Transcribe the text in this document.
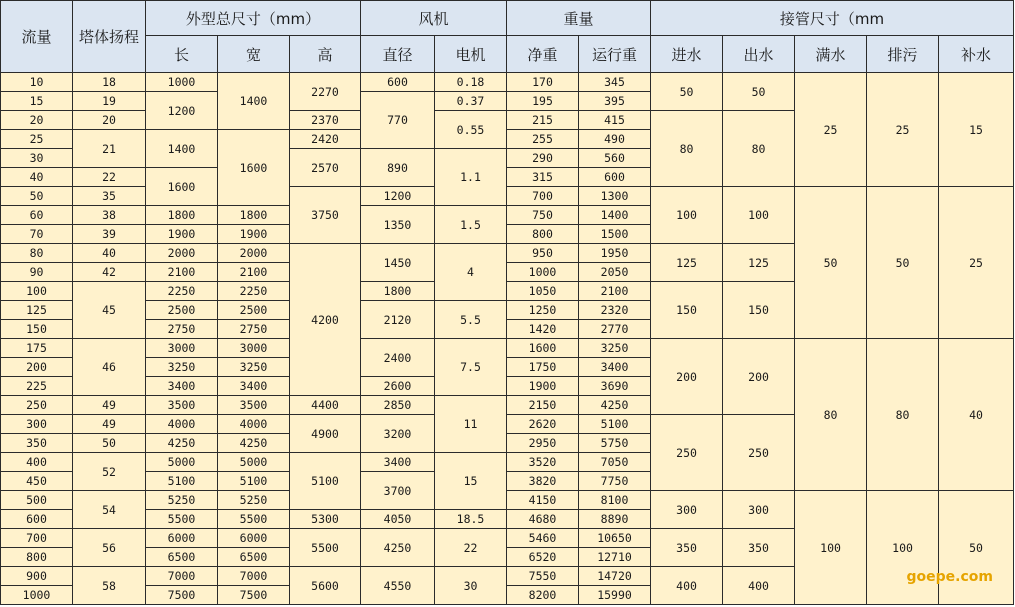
流量	塔体扬程	外型总尺寸（mm）			风机		重量		接管尺寸（mm				
		长	宽	高	直径	电机	净重	运行重	进水	出水	满水	排污	补水
10	18	1000	1400	2270	600	0.18	170	345	50	50	25	25	15
15	19	1200			770	0.37	195	395					
20	20			2370		0.55	215	415	80	80			
25	21	1400	1600	2420			255	490					
30				2570	890	1.1	290	560					
40	22	1600					315	600					
50	35			3750	1200		700	1300	100	100	50	50	25
60	38	1800	1800		1350	1.5	750	1400					
70	39	1900	1900				800	1500					
80	40	2000	2000	4200	1450	4	950	1950	125	125			
90	42	2100	2100				1000	2050					
100	45	2250	2250		1800		1050	2100	150	150			
125		2500	2500		2120	5.5	1250	2320					
150		2750	2750				1420	2770					
175	46	3000	3000		2400	7.5	1600	3250	200	200	80	80	40
200		3250	3250				1750	3400					
225		3400	3400		2600		1900	3690					
250	49	3500	3500	4400	2850	11	2150	4250					
300	49	4000	4000	4900	3200		2620	5100	250	250			
350	50	4250	4250				2950	5750					
400	52	5000	5000	5100	3400	15	3520	7050					
450		5100	5100		3700		3820	7750					
500	54	5250	5250				4150	8100	300	300	100	100	50
600		5500	5500	5300	4050	18.5	4680	8890					
700	56	6000	6000	5500	4250	22	5460	10650	350	350			
800		6500	6500				6520	12710					
900	58	7000	7000	5600	4550	30	7550	14720	400	400			
1000		7500	7500				8200	15990					
goepe.com
